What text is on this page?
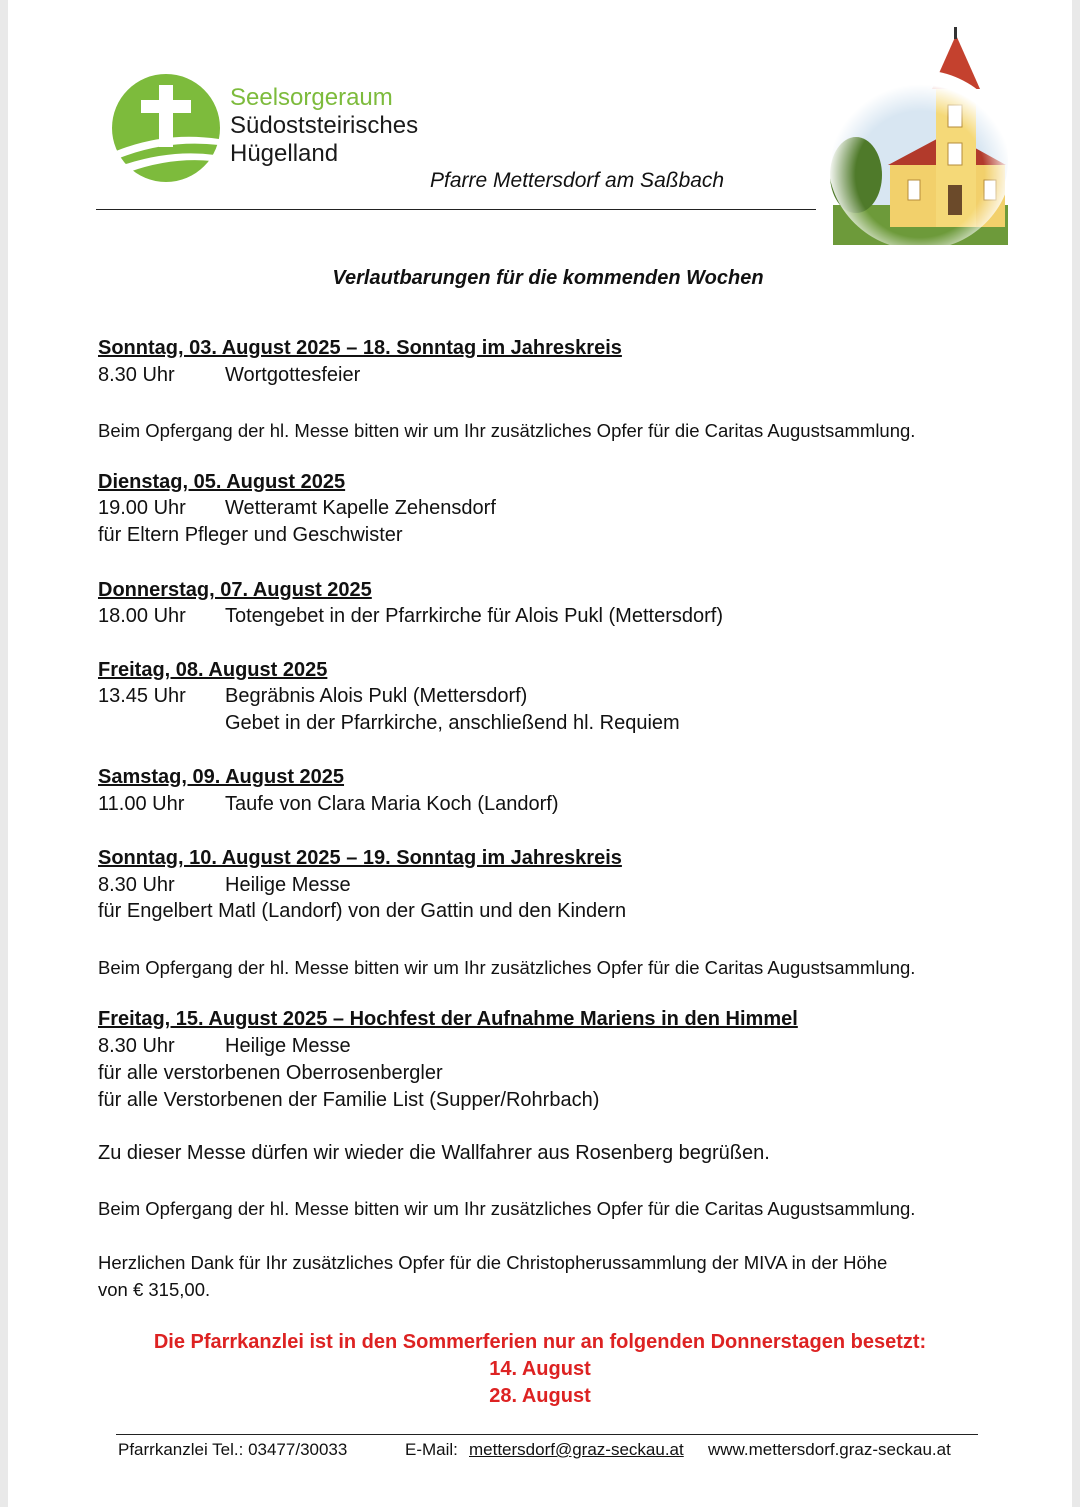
Seelsorgeraum
Südoststeirisches
Hügelland
Pfarre Mettersdorf am Saßbach
Verlautbarungen für die kommenden Wochen
Sonntag, 03. August 2025 – 18. Sonntag im Jahreskreis
8.30 Uhr	Wortgottesfeier
Beim Opfergang der hl. Messe bitten wir um Ihr zusätzliches Opfer für die Caritas Augustsammlung.
Dienstag, 05. August 2025
19.00 Uhr Wetteramt Kapelle Zehensdorf
für Eltern Pfleger und Geschwister
Donnerstag, 07. August 2025
18.00 Uhr Totengebet in der Pfarrkirche für Alois Pukl (Mettersdorf)
Freitag, 08. August 2025
13.45 Uhr Begräbnis Alois Pukl (Mettersdorf)
Gebet in der Pfarrkirche, anschließend hl. Requiem
Samstag, 09. August 2025
11.00 Uhr Taufe von Clara Maria Koch (Landorf)
Sonntag, 10. August 2025 – 19. Sonntag im Jahreskreis
8.30 Uhr	Heilige Messe
für Engelbert Matl (Landorf) von der Gattin und den Kindern
Beim Opfergang der hl. Messe bitten wir um Ihr zusätzliches Opfer für die Caritas Augustsammlung.
Freitag, 15. August 2025 – Hochfest der Aufnahme Mariens in den Himmel
8.30 Uhr	Heilige Messe
für alle verstorbenen Oberrosenbergler
für alle Verstorbenen der Familie List (Supper/Rohrbach)
Zu dieser Messe dürfen wir wieder die Wallfahrer aus Rosenberg begrüßen.
Beim Opfergang der hl. Messe bitten wir um Ihr zusätzliches Opfer für die Caritas Augustsammlung.
Herzlichen Dank für Ihr zusätzliches Opfer für die Christopherussammlung der MIVA in der Höhe
von € 315,00.
Die Pfarrkanzlei ist in den Sommerferien nur an folgenden Donnerstagen besetzt:
14. August
28. August
Pfarrkanzlei Tel.: 03477/30033	E-Mail: mettersdorf@graz-seckau.at www.mettersdorf.graz-seckau.at
